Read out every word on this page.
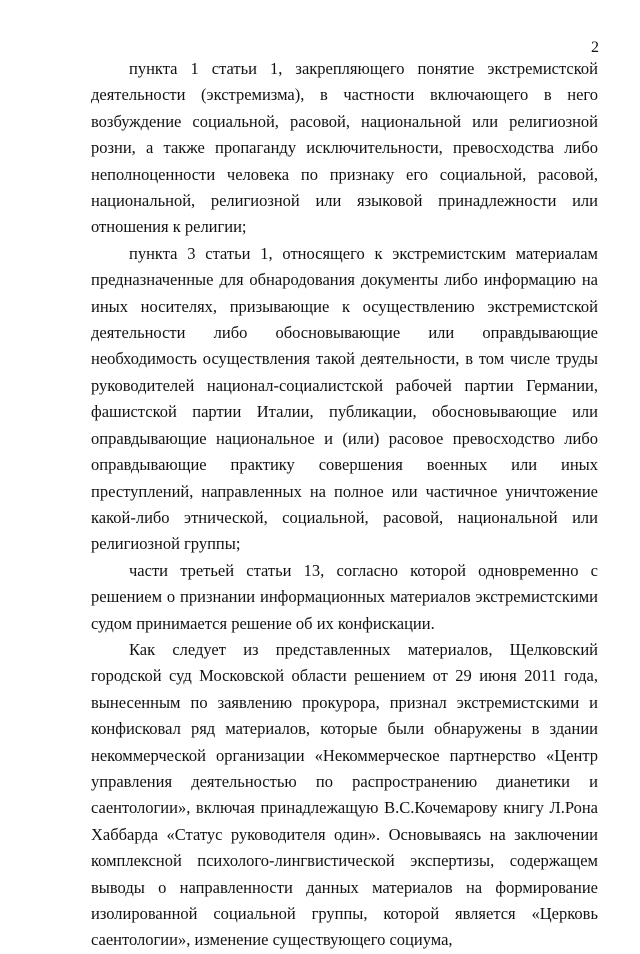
2

пункта 1 статьи 1, закрепляющего понятие экстремистской деятельности (экстремизма), в частности включающего в него возбуждение социальной, расовой, национальной или религиозной розни, а также пропаганду исключительности, превосходства либо неполноценности человека по признаку его социальной, расовой, национальной, религиозной или языковой принадлежности или отношения к религии;

пункта 3 статьи 1, относящего к экстремистским материалам предназначенные для обнародования документы либо информацию на иных носителях, призывающие к осуществлению экстремистской деятельности либо обосновывающие или оправдывающие необходимость осуществления такой деятельности, в том числе труды руководителей национал-социалистской рабочей партии Германии, фашистской партии Италии, публикации, обосновывающие или оправдывающие национальное и (или) расовое превосходство либо оправдывающие практику совершения военных или иных преступлений, направленных на полное или частичное уничтожение какой-либо этнической, социальной, расовой, национальной или религиозной группы;

части третьей статьи 13, согласно которой одновременно с решением о признании информационных материалов экстремистскими судом принимается решение об их конфискации.

Как следует из представленных материалов, Щелковский городской суд Московской области решением от 29 июня 2011 года, вынесенным по заявлению прокурора, признал экстремистскими и конфисковал ряд материалов, которые были обнаружены в здании некоммерческой организации «Некоммерческое партнерство «Центр управления деятельностью по распространению дианетики и саентологии», включая принадлежащую В.С.Кочемарову книгу Л.Рона Хаббарда «Статус руководителя один». Основываясь на заключении комплексной психолого-лингвистической экспертизы, содержащем выводы о направленности данных материалов на формирование изолированной социальной группы, которой является «Церковь саентологии», изменение существующего социума,
